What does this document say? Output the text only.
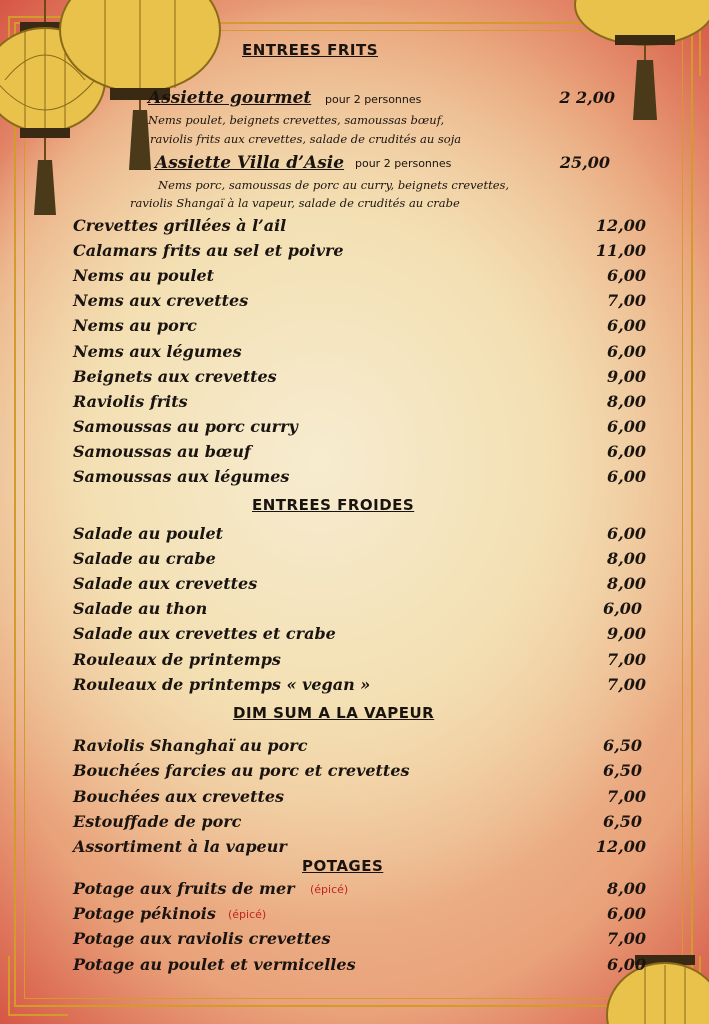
ENTREES FRITS
Assiette gourmet pour 2 personnes	2 2,00
Nems poulet, beignets crevettes, samoussas bœuf,
raviolis frits aux crevettes, salade de crudités au soja
Assiette Villa d’Asie pour 2 personnes	25,00
Nems porc, samoussas de porc au curry, beignets crevettes,
raviolis Shangaï à la vapeur, salade de crudités au crabe
Crevettes grillées à l’ail	12,00
Calamars frits au sel et poivre	11,00
Nems au poulet	6,00
Nems aux crevettes	7,00
Nems au porc	6,00
Nems aux légumes	6,00
Beignets aux crevettes	9,00
Raviolis frits	8,00
Samoussas au porc curry	6,00
Samoussas au bœuf	6,00
Samoussas aux légumes	6,00
ENTREES FROIDES
Salade au poulet	6,00
Salade au crabe	8,00
Salade aux crevettes	8,00
Salade au thon	6,00
Salade aux crevettes et crabe	9,00
Rouleaux de printemps	7,00
Rouleaux de printemps « vegan »	7,00
DIM SUM A LA VAPEUR
Raviolis Shanghaï au porc	6,50
Bouchées farcies au porc et crevettes	6,50
Bouchées aux crevettes	7,00
Estouffade de porc	6,50
Assortiment à la vapeur	12,00
POTAGES
Potage aux fruits de mer (épicé)	8,00
Potage pékinois (épicé)	6,00
Potage aux raviolis crevettes	7,00
Potage au poulet et vermicelles	6,00
